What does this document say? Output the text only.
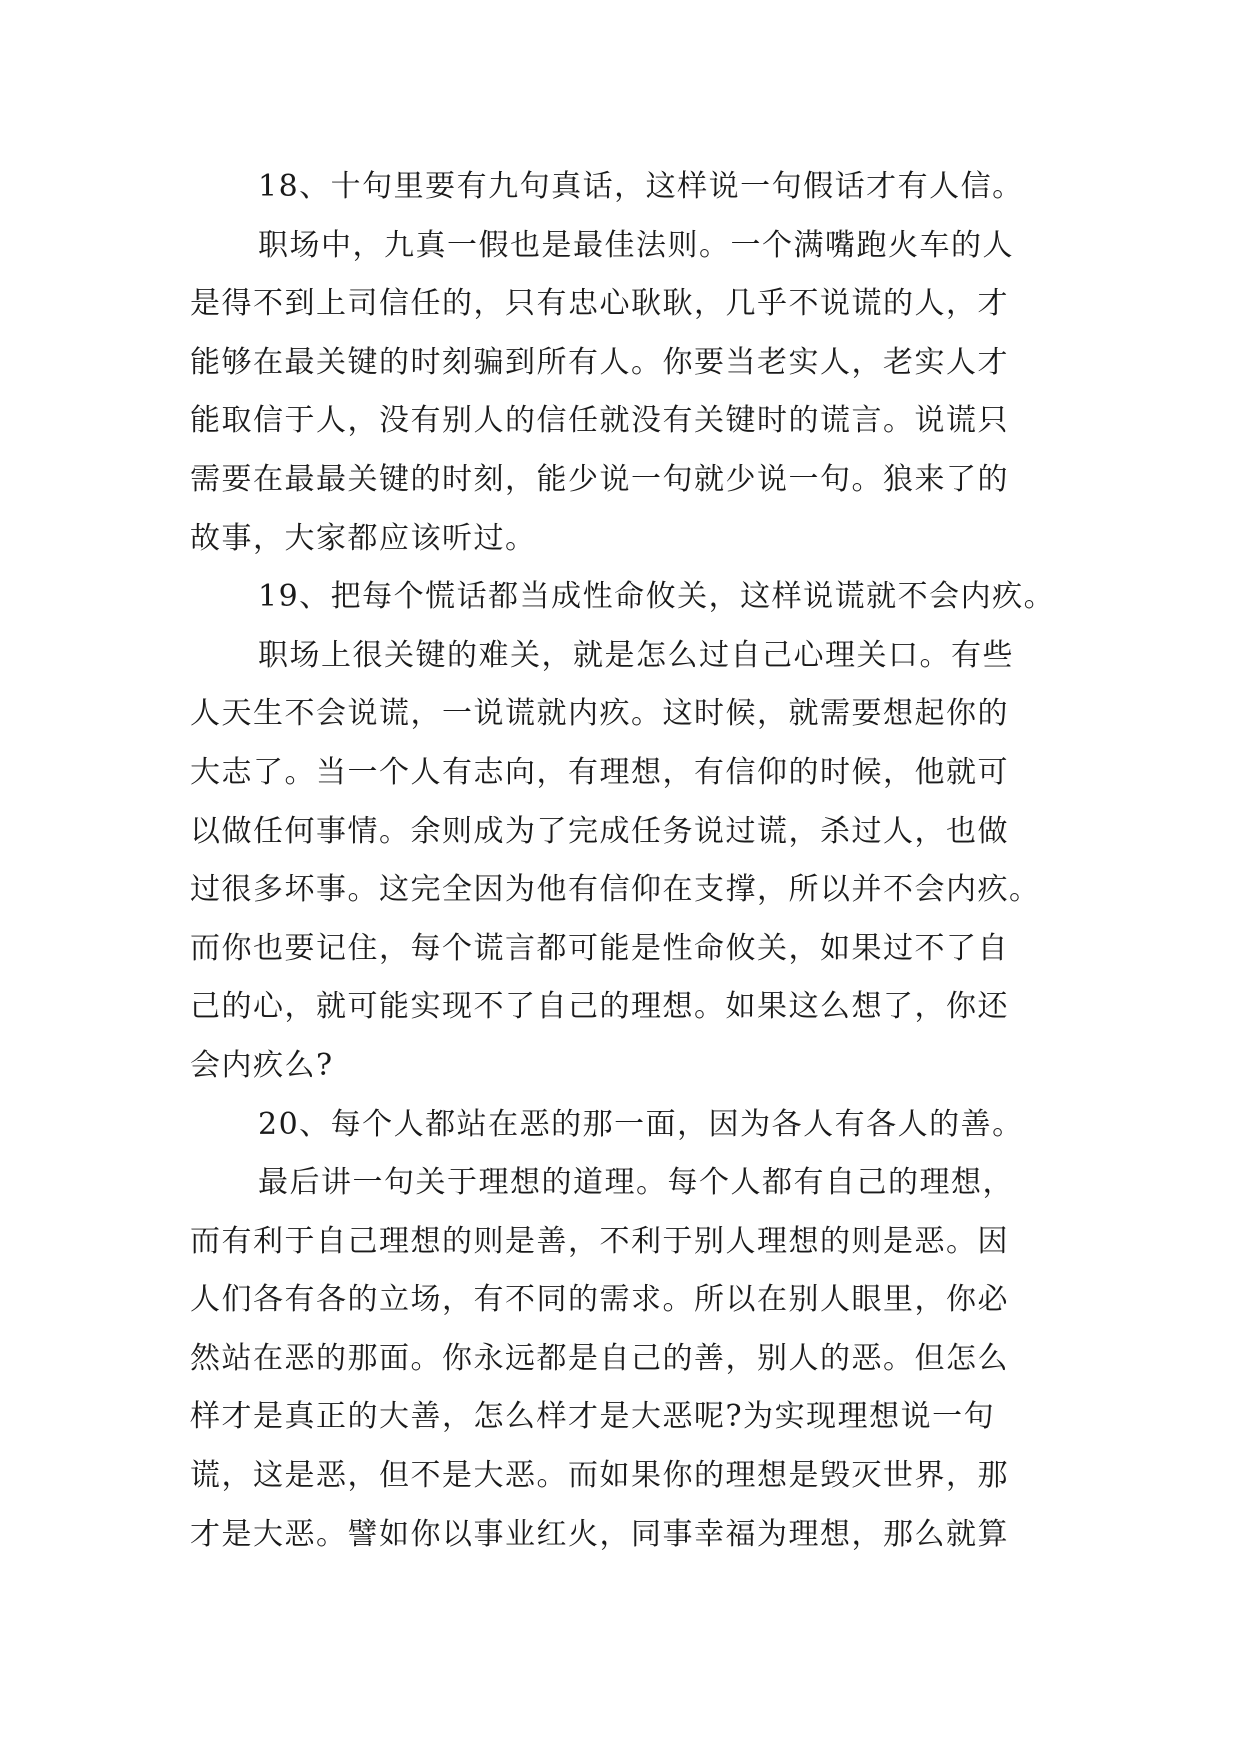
18、十句里要有九句真话，这样说一句假话才有人信。
职场中，九真一假也是最佳法则。一个满嘴跑火车的人
是得不到上司信任的，只有忠心耿耿，几乎不说谎的人，才
能够在最关键的时刻骗到所有人。你要当老实人，老实人才
能取信于人，没有别人的信任就没有关键时的谎言。说谎只
需要在最最关键的时刻，能少说一句就少说一句。狼来了的
故事，大家都应该听过。
19、把每个慌话都当成性命攸关，这样说谎就不会内疚。
职场上很关键的难关，就是怎么过自己心理关口。有些
人天生不会说谎，一说谎就内疚。这时候，就需要想起你的
大志了。当一个人有志向，有理想，有信仰的时候，他就可
以做任何事情。余则成为了完成任务说过谎，杀过人，也做
过很多坏事。这完全因为他有信仰在支撑，所以并不会内疚。
而你也要记住，每个谎言都可能是性命攸关，如果过不了自
己的心，就可能实现不了自己的理想。如果这么想了，你还
会内疚么?
20、每个人都站在恶的那一面，因为各人有各人的善。
最后讲一句关于理想的道理。每个人都有自己的理想，
而有利于自己理想的则是善，不利于别人理想的则是恶。因
人们各有各的立场，有不同的需求。所以在别人眼里，你必
然站在恶的那面。你永远都是自己的善，别人的恶。但怎么
样才是真正的大善，怎么样才是大恶呢?为实现理想说一句
谎，这是恶，但不是大恶。而如果你的理想是毁灭世界，那
才是大恶。譬如你以事业红火，同事幸福为理想，那么就算
